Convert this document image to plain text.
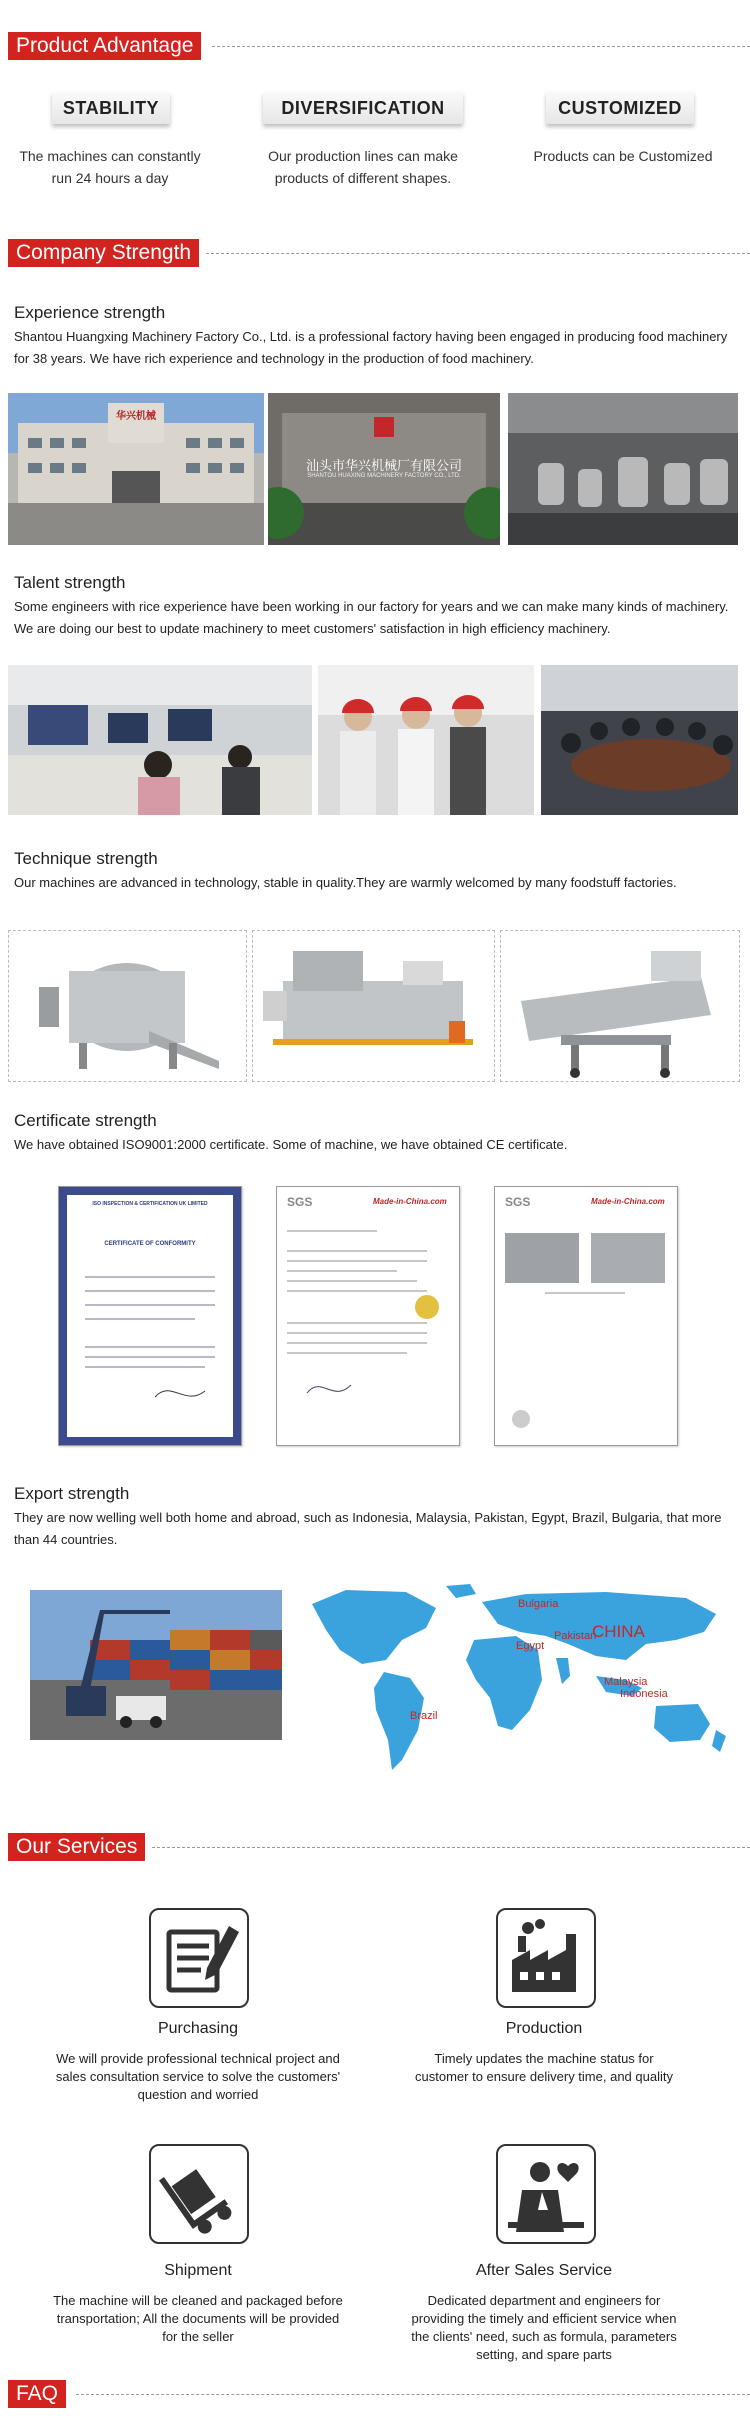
Product Advantage
STABILITY	DIVERSIFICATION	CUSTOMIZED
The machines can constantly run 24 hours a day
Our production lines can make products of different shapes.
Products can be Customized
Company Strength
Experience strength
Shantou Huangxing Machinery Factory Co., Ltd. is a professional factory having been engaged in producing food machinery for 38 years. We have rich experience and technology in the production of food machinery.
华兴机械
汕头市华兴机械厂有限公司
SHANTOU HUAXING MACHINERY FACTORY CO., LTD.
Talent strength
Some engineers with rice experience have been working in our factory for years and we can make many kinds of machinery. We are doing our best to update machinery to meet customers' satisfaction in high efficiency machinery.
Technique strength
Our machines are advanced in technology, stable in quality.They are warmly welcomed by many foodstuff factories.
Certificate strength
We have obtained ISO9001:2000 certificate. Some of machine, we have obtained CE certificate.
ISO INSPECTION & CERTIFICATION UK LIMITED
CERTIFICATE OF CONFORMITY
SGS	Made-in-China.com	SGS	Made-in-China.com
Export strength
They are now welling well both home and abroad, such as Indonesia, Malaysia, Pakistan, Egypt, Brazil, Bulgaria, that more than 44 countries.
Bulgaria
Pakistan
CHINA
Egypt
Malaysia
Indonesia
Brazil
Our Services
Purchasing
We will provide professional technical project and sales consultation service to solve the customers' question and worried
Production
Timely updates the machine status for customer to ensure delivery time, and quality
Shipment
The machine will be cleaned and packaged before transportation; All the documents will be provided for the seller
After Sales Service
Dedicated department and engineers for providing the timely and efficient service when the clients' need, such as formula, parameters setting, and spare parts
FAQ
